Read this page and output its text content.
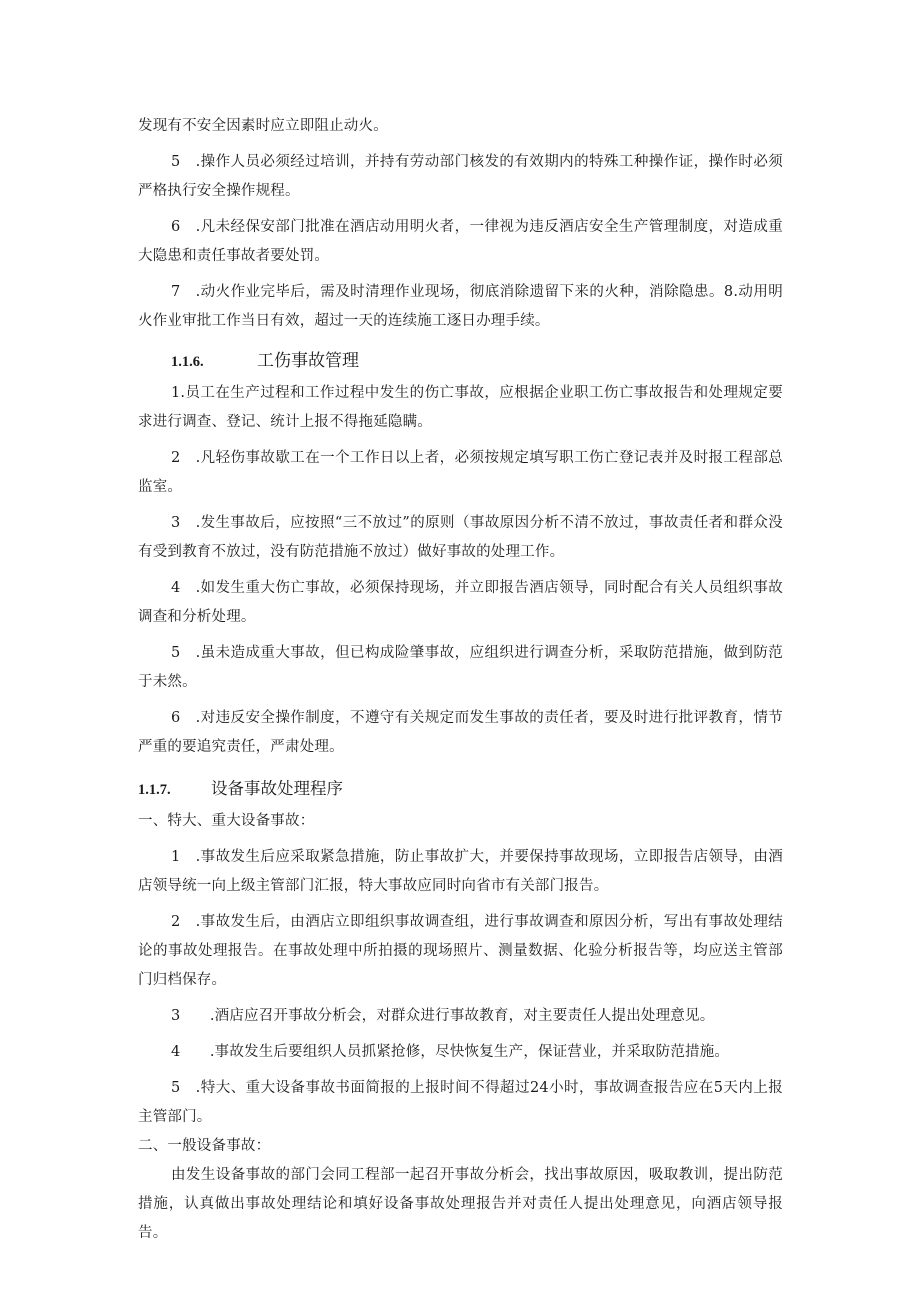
发现有不安全因素时应立即阻止动火。

5　.操作人员必须经过培训，并持有劳动部门核发的有效期内的特殊工种操作证，操作时必须严格执行安全操作规程。

6　.凡未经保安部门批准在酒店动用明火者，一律视为违反酒店安全生产管理制度，对造成重大隐患和责任事故者要处罚。

7　.动火作业完毕后，需及时清理作业现场，彻底消除遗留下来的火种，消除隐患。8.动用明火作业审批工作当日有效，超过一天的连续施工逐日办理手续。

1.1.6.	工伤事故管理

1.员工在生产过程和工作过程中发生的伤亡事故，应根据企业职工伤亡事故报告和处理规定要求进行调查、登记、统计上报不得拖延隐瞒。

2　.凡轻伤事故歇工在一个工作日以上者，必须按规定填写职工伤亡登记表并及时报工程部总监室。

3　.发生事故后，应按照“三不放过”的原则（事故原因分析不清不放过，事故责任者和群众没有受到教育不放过，没有防范措施不放过）做好事故的处理工作。

4　.如发生重大伤亡事故，必须保持现场，并立即报告酒店领导，同时配合有关人员组织事故调查和分析处理。

5　.虽未造成重大事故，但已构成险肇事故，应组织进行调查分析，采取防范措施，做到防范于未然。

6　.对违反安全操作制度，不遵守有关规定而发生事故的责任者，要及时进行批评教育，情节严重的要追究责任，严肃处理。

1.1.7.	设备事故处理程序

一、特大、重大设备事故：

1　.事故发生后应采取紧急措施，防止事故扩大，并要保持事故现场，立即报告店领导，由酒店领导统一向上级主管部门汇报，特大事故应同时向省市有关部门报告。

2　.事故发生后，由酒店立即组织事故调查组，进行事故调查和原因分析，写出有事故处理结论的事故处理报告。在事故处理中所拍摄的现场照片、测量数据、化验分析报告等，均应送主管部门归档保存。

3　　.酒店应召开事故分析会，对群众进行事故教育，对主要责任人提出处理意见。

4　　.事故发生后要组织人员抓紧抢修，尽快恢复生产，保证营业，并采取防范措施。

5　.特大、重大设备事故书面简报的上报时间不得超过24小时，事故调查报告应在5天内上报主管部门。

二、一般设备事故：

由发生设备事故的部门会同工程部一起召开事故分析会，找出事故原因，吸取教训，提出防范措施，认真做出事故处理结论和填好设备事故处理报告并对责任人提出处理意见，向酒店领导报告。
